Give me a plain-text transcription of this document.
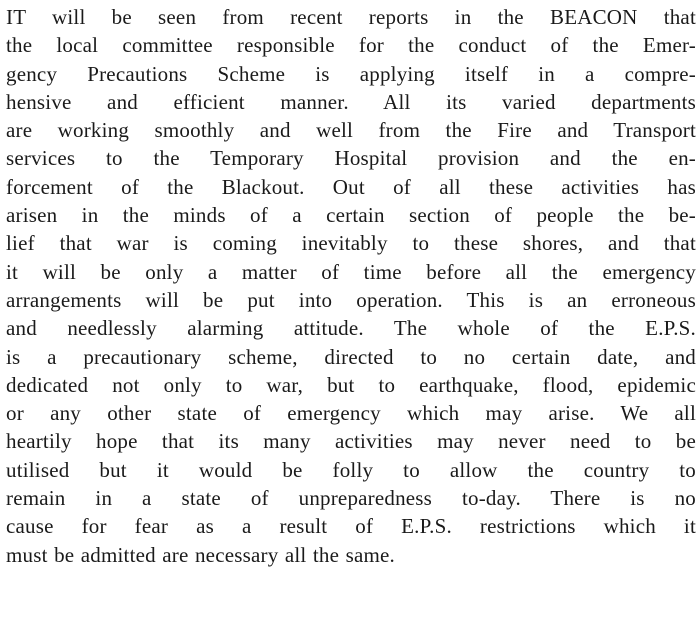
IT will be seen from recent reports in the BEACON that
the local committee responsible for the conduct of the Emer-
gency Precautions Scheme is applying itself in a compre-
hensive and efficient manner. All its varied departments
are working smoothly and well from the Fire and Transport
services to the Temporary Hospital provision and the en-
forcement of the Blackout. Out of all these activities has
arisen in the minds of a certain section of people the be-
lief that war is coming inevitably to these shores, and that
it will be only a matter of time before all the emergency
arrangements will be put into operation. This is an erroneous
and needlessly alarming attitude. The whole of the E.P.S.
is a precautionary scheme, directed to no certain date, and
dedicated not only to war, but to earthquake, flood, epidemic
or any other state of emergency which may arise. We all
heartily hope that its many activities may never need to be
utilised but it would be folly to allow the country to
remain in a state of unpreparedness to-day. There is no
cause for fear as a result of E.P.S. restrictions which it
must be admitted are necessary all the same.
